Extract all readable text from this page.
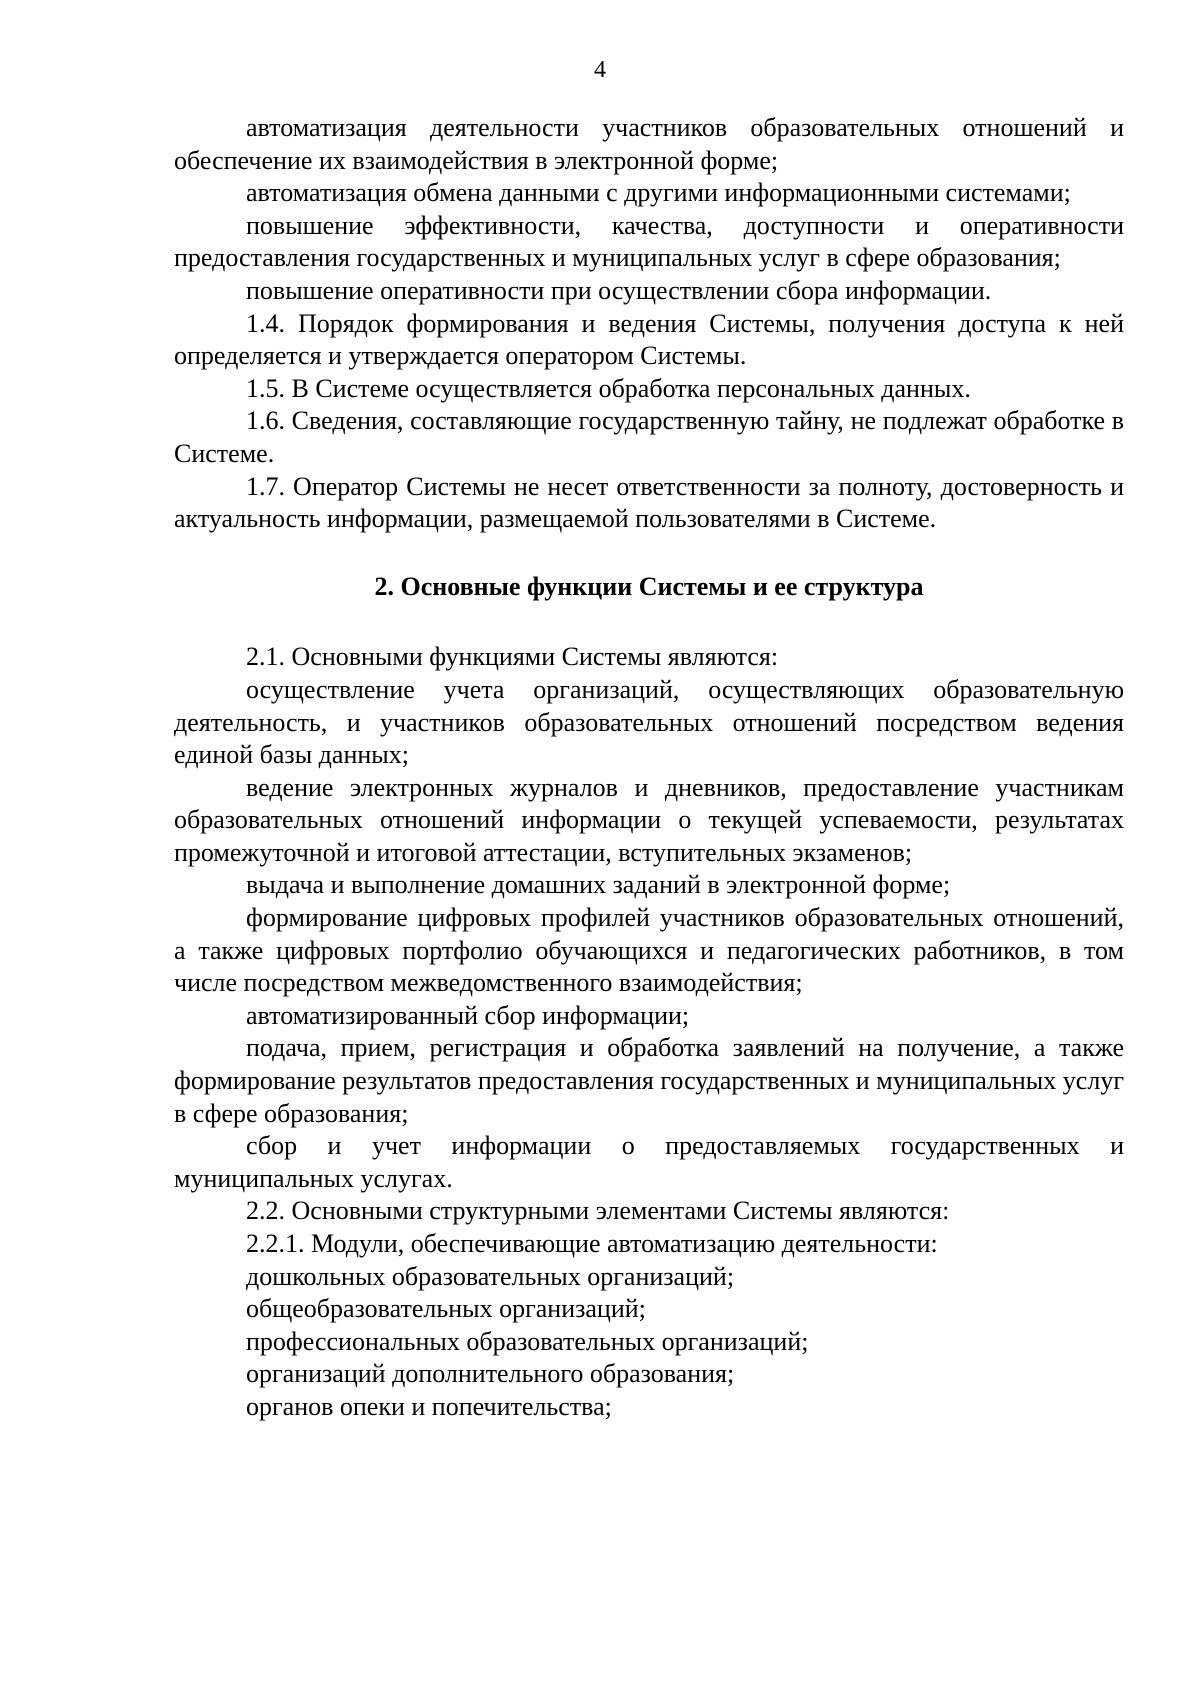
4

автоматизация деятельности участников образовательных отношений и обеспечение их взаимодействия в электронной форме;

автоматизация обмена данными с другими информационными системами;

повышение эффективности, качества, доступности и оперативности предоставления государственных и муниципальных услуг в сфере образования;

повышение оперативности при осуществлении сбора информации.

1.4. Порядок формирования и ведения Системы, получения доступа к ней определяется и утверждается оператором Системы.

1.5. В Системе осуществляется обработка персональных данных.

1.6. Сведения, составляющие государственную тайну, не подлежат обработке в Системе.

1.7. Оператор Системы не несет ответственности за полноту, достоверность и актуальность информации, размещаемой пользователями в Системе.

2. Основные функции Системы и ее структура

2.1. Основными функциями Системы являются:

осуществление учета организаций, осуществляющих образовательную деятельность, и участников образовательных отношений посредством ведения единой базы данных;

ведение электронных журналов и дневников, предоставление участникам образовательных отношений информации о текущей успеваемости, результатах промежуточной и итоговой аттестации, вступительных экзаменов;

выдача и выполнение домашних заданий в электронной форме;

формирование цифровых профилей участников образовательных отношений, а также цифровых портфолио обучающихся и педагогических работников, в том числе посредством межведомственного взаимодействия;

автоматизированный сбор информации;

подача, прием, регистрация и обработка заявлений на получение, а также формирование результатов предоставления государственных и муниципальных услуг в сфере образования;

сбор и учет информации о предоставляемых государственных и муниципальных услугах.

2.2. Основными структурными элементами Системы являются:

2.2.1. Модули, обеспечивающие автоматизацию деятельности:

дошкольных образовательных организаций;

общеобразовательных организаций;

профессиональных образовательных организаций;

организаций дополнительного образования;

органов опеки и попечительства;
